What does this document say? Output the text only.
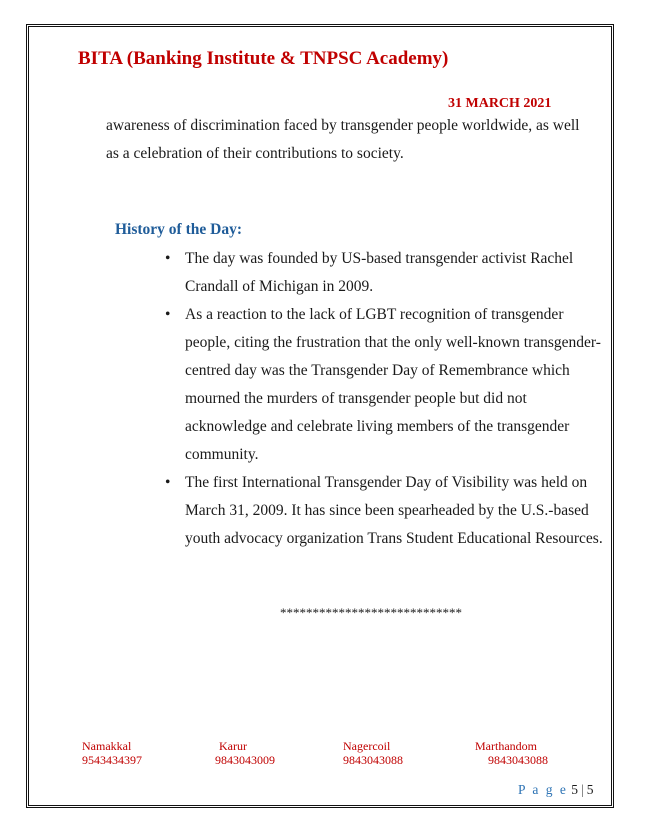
BITA (Banking Institute & TNPSC Academy)
31 MARCH 2021

awareness of discrimination faced by transgender people worldwide, as well as a celebration of their contributions to society.

History of the Day:
• The day was founded by US-based transgender activist Rachel Crandall of Michigan in 2009.
• As a reaction to the lack of LGBT recognition of transgender people, citing the frustration that the only well-known transgender-centred day was the Transgender Day of Remembrance which mourned the murders of transgender people but did not acknowledge and celebrate living members of the transgender community.
• The first International Transgender Day of Visibility was held on March 31, 2009. It has since been spearheaded by the U.S.-based youth advocacy organization Trans Student Educational Resources.
****************************
Namakkal
9543434397
Karur
9843043009
Nagercoil
9843043088
Marthandom
9843043088
P a g e 5 | 5
